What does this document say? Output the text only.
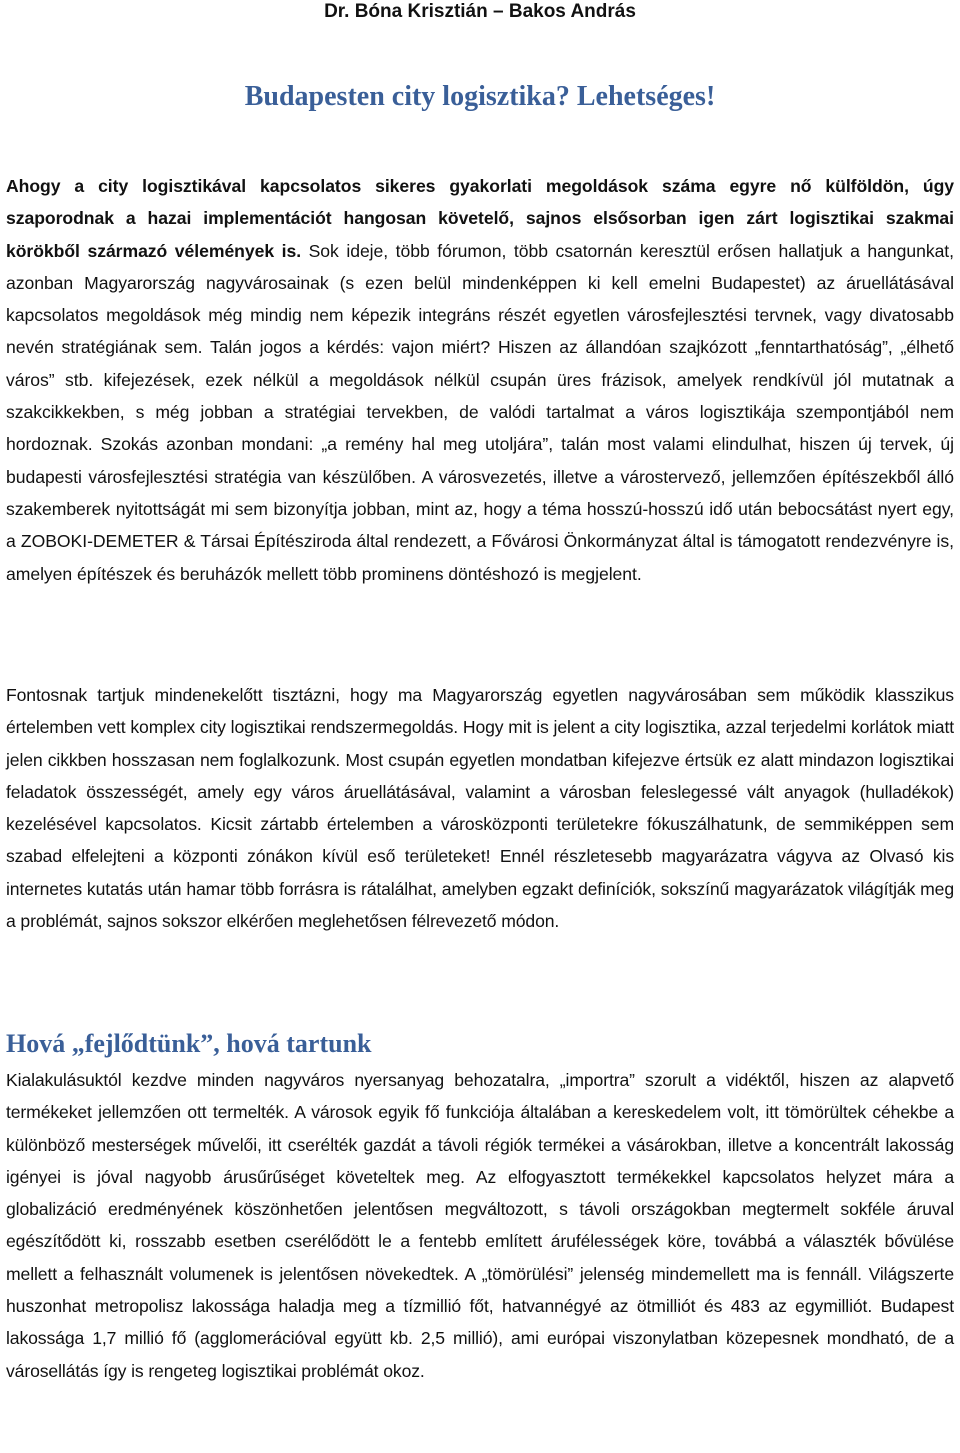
Dr. Bóna Krisztián – Bakos András
Budapesten city logisztika? Lehetséges!

Ahogy a city logisztikával kapcsolatos sikeres gyakorlati megoldások száma egyre nő külföldön, úgy szaporodnak a hazai implementációt hangosan követelő, sajnos elsősorban igen zárt logisztikai szakmai körökből származó vélemények is. Sok ideje, több fórumon, több csatornán keresztül erősen hallatjuk a hangunkat, azonban Magyarország nagyvárosainak (s ezen belül mindenképpen ki kell emelni Budapestet) az áruellátásával kapcsolatos megoldások még mindig nem képezik integráns részét egyetlen városfejlesztési tervnek, vagy divatosabb nevén stratégiának sem. Talán jogos a kérdés: vajon miért? Hiszen az állandóan szajkózott „fenntarthatóság”, „élhető város” stb. kifejezések, ezek nélkül a megoldások nélkül csupán üres frázisok, amelyek rendkívül jól mutatnak a szakcikkekben, s még jobban a stratégiai tervekben, de valódi tartalmat a város logisztikája szempontjából nem hordoznak. Szokás azonban mondani: „a remény hal meg utoljára”, talán most valami elindulhat, hiszen új tervek, új budapesti városfejlesztési stratégia van készülőben. A városvezetés, illetve a várostervező, jellemzően építészekből álló szakemberek nyitottságát mi sem bizonyítja jobban, mint az, hogy a téma hosszú-hosszú idő után bebocsátást nyert egy, a ZOBOKI-DEMETER & Társai Építésziroda által rendezett, a Fővárosi Önkormányzat által is támogatott rendezvényre is, amelyen építészek és beruházók mellett több prominens döntéshozó is megjelent.

Fontosnak tartjuk mindenekelőtt tisztázni, hogy ma Magyarország egyetlen nagyvárosában sem működik klasszikus értelemben vett komplex city logisztikai rendszermegoldás. Hogy mit is jelent a city logisztika, azzal terjedelmi korlátok miatt jelen cikkben hosszasan nem foglalkozunk. Most csupán egyetlen mondatban kifejezve értsük ez alatt mindazon logisztikai feladatok összességét, amely egy város áruellátásával, valamint a városban feleslegessé vált anyagok (hulladékok) kezelésével kapcsolatos. Kicsit zártabb értelemben a városközponti területekre fókuszálhatunk, de semmiképpen sem szabad elfelejteni a központi zónákon kívül eső területeket! Ennél részletesebb magyarázatra vágyva az Olvasó kis internetes kutatás után hamar több forrásra is rátalálhat, amelyben egzakt definíciók, sokszínű magyarázatok világítják meg a problémát, sajnos sokszor elkérően meglehetősen félrevezető módon.

Hová „fejlődtünk”, hová tartunk

Kialakulásuktól kezdve minden nagyváros nyersanyag behozatalra, „importra” szorult a vidéktől, hiszen az alapvető termékeket jellemzően ott termelték. A városok egyik fő funkciója általában a kereskedelem volt, itt tömörültek céhekbe a különböző mesterségek művelői, itt cserélték gazdát a távoli régiók termékei a vásárokban, illetve a koncentrált lakosság igényei is jóval nagyobb árusűrűséget követeltek meg. Az elfogyasztott termékekkel kapcsolatos helyzet mára a globalizáció eredményének köszönhetően jelentősen megváltozott, s távoli országokban megtermelt sokféle áruval egészítődött ki, rosszabb esetben cserélődött le a fentebb említett árufélességek köre, továbbá a választék bővülése mellett a felhasznált volumenek is jelentősen növekedtek. A „tömörülési” jelenség mindemellett ma is fennáll. Világszerte huszonhat metropolisz lakossága haladja meg a tízmillió főt, hatvannégyé az ötmilliót és 483 az egymilliót. Budapest lakossága 1,7 millió fő (agglomerációval együtt kb. 2,5 millió), ami európai viszonylatban közepesnek mondható, de a városellátás így is rengeteg logisztikai problémát okoz.
